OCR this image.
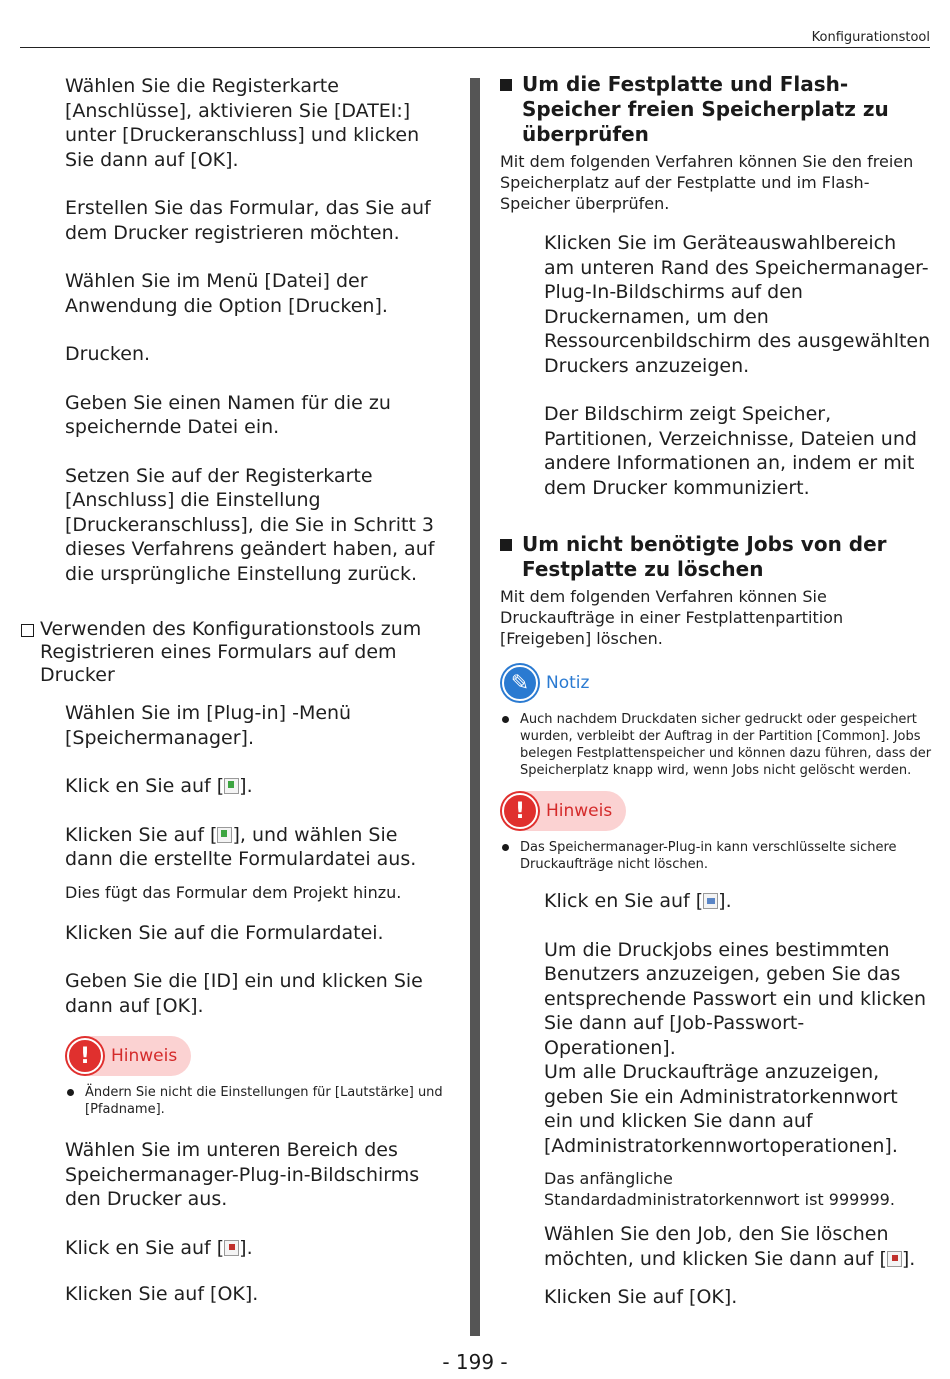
Konfigurationstool
Wählen Sie die Registerkarte [Anschlüsse], aktivieren Sie [DATEI:] unter [Druckeranschluss] und klicken Sie dann auf [OK].
Erstellen Sie das Formular, das Sie auf dem Drucker registrieren möchten.
Wählen Sie im Menü [Datei] der Anwendung die Option [Drucken].
Drucken.
Geben Sie einen Namen für die zu speichernde Datei ein.
Setzen Sie auf der Registerkarte [Anschluss] die Einstellung [Druckeranschluss], die Sie in Schritt 3 dieses Verfahrens geändert haben, auf die ursprüngliche Einstellung zurück.
Verwenden des Konfigurationstools zum Registrieren eines Formulars auf dem Drucker
Wählen Sie im [Plug-in] -Menü [Speichermanager].
Klick en Sie auf [ ].
Klicken Sie auf [ ], und wählen Sie dann die erstellte Formulardatei aus.
Dies fügt das Formular dem Projekt hinzu.
Klicken Sie auf die Formulardatei.
Geben Sie die [ID] ein und klicken Sie dann auf [OK].
! Hinweis
Ändern Sie nicht die Einstellungen für [Lautstärke] und [Pfadname].
Wählen Sie im unteren Bereich des Speichermanager-Plug-in-Bildschirms den Drucker aus.
Klick en Sie auf [ ].
Klicken Sie auf [OK].
Um die Festplatte und Flash-Speicher freien Speicherplatz zu überprüfen
Mit dem folgenden Verfahren können Sie den freien Speicherplatz auf der Festplatte und im Flash-Speicher überprüfen.
Klicken Sie im Geräteauswahlbereich am unteren Rand des Speichermanager-Plug-In-Bildschirms auf den Druckernamen, um den Ressourcenbildschirm des ausgewählten Druckers anzuzeigen.
Der Bildschirm zeigt Speicher, Partitionen, Verzeichnisse, Dateien und andere Informationen an, indem er mit dem Drucker kommuniziert.
Um nicht benötigte Jobs von der Festplatte zu löschen
Mit dem folgenden Verfahren können Sie Druckaufträge in einer Festplattenpartition [Freigeben] löschen.
✎ Notiz
Auch nachdem Druckdaten sicher gedruckt oder gespeichert wurden, verbleibt der Auftrag in der Partition [Common]. Jobs belegen Festplattenspeicher und können dazu führen, dass der Speicherplatz knapp wird, wenn Jobs nicht gelöscht werden.
! Hinweis
Das Speichermanager-Plug-in kann verschlüsselte sichere Druckaufträge nicht löschen.
Klick en Sie auf [ ].
Um die Druckjobs eines bestimmten Benutzers anzuzeigen, geben Sie das entsprechende Passwort ein und klicken Sie dann auf [Job-Passwort-Operationen].
Um alle Druckaufträge anzuzeigen, geben Sie ein Administratorkennwort ein und klicken Sie dann auf [Administratorkennwortoperationen].
Das anfängliche Standardadministratorkennwort ist 999999.
Wählen Sie den Job, den Sie löschen möchten, und klicken Sie dann auf [ ].
Klicken Sie auf [OK].
- 199 -
